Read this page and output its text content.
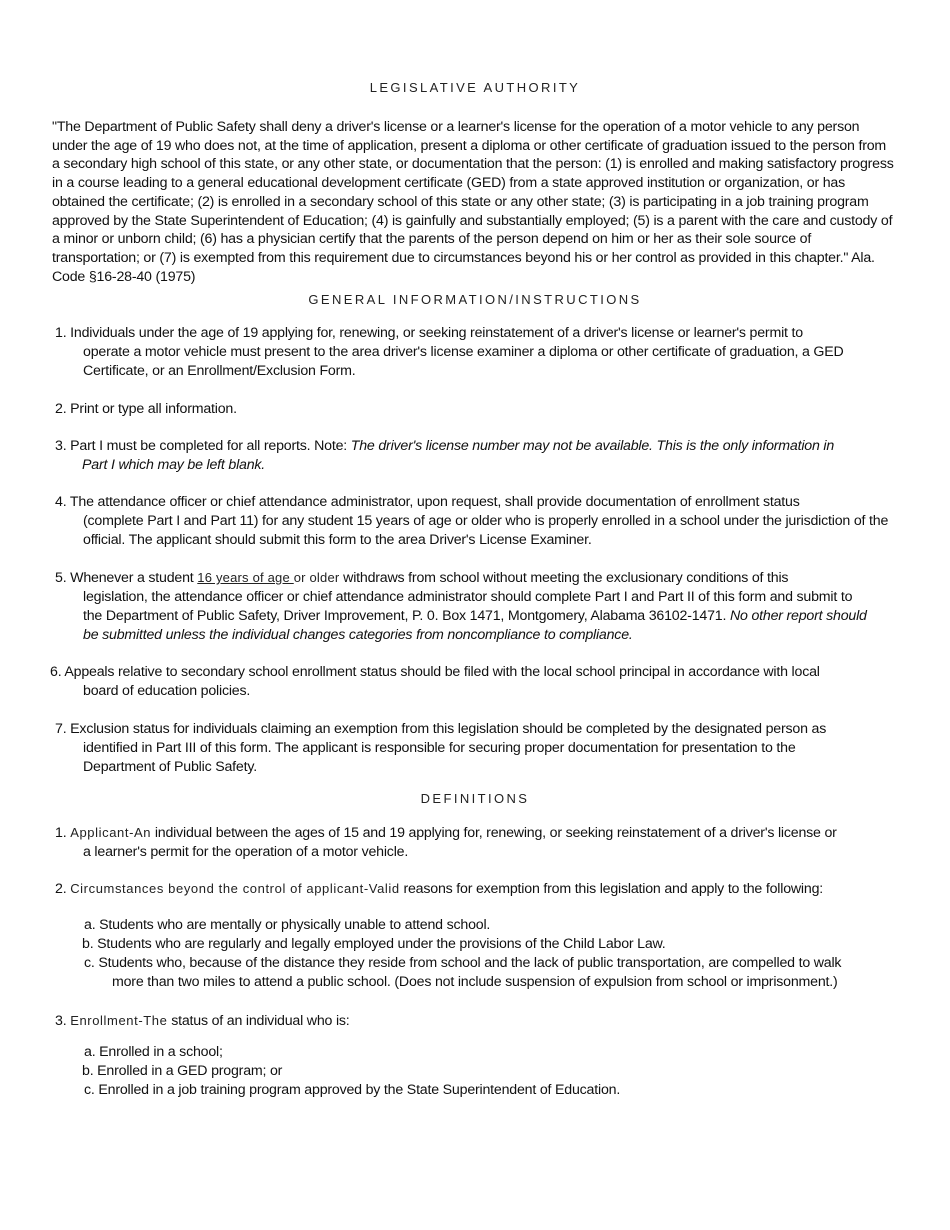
LEGISLATIVE AUTHORITY
"The Department of Public Safety shall deny a driver's license or a learner's license for the operation of a motor vehicle to any person under the age of 19 who does not, at the time of application, present a diploma or other certificate of graduation issued to the person from a secondary high school of this state, or any other state, or documentation that the person: (1) is enrolled and making satisfactory progress in a course leading to a general educational development certificate (GED) from a state approved institution or organization, or has obtained the certificate; (2) is enrolled in a secondary school of this state or any other state; (3) is participating in a job training program approved by the State Superintendent of Education; (4) is gainfully and substantially employed; (5) is a parent with the care and custody of a minor or unborn child; (6) has a physician certify that the parents of the person depend on him or her as their sole source of transportation; or (7) is exempted from this requirement due to circumstances beyond his or her control as provided in this chapter." Ala. Code §16-28-40 (1975)
GENERAL INFORMATION/INSTRUCTIONS
1. Individuals under the age of 19 applying for, renewing, or seeking reinstatement of a driver's license or learner's permit to
operate a motor vehicle must present to the area driver's license examiner a diploma or other certificate of graduation, a GED Certificate, or an Enrollment/Exclusion Form.
2. Print or type all information.
3. Part I must be completed for all reports. Note: The driver's license number may not be available. This is the only information in
Part I which may be left blank.
4. The attendance officer or chief attendance administrator, upon request, shall provide documentation of enrollment status
(complete Part I and Part 11) for any student 15 years of age or older who is properly enrolled in a school under the jurisdiction of the official. The applicant should submit this form to the area Driver's License Examiner.
5. Whenever a student 16 years of age or older withdraws from school without meeting the exclusionary conditions of this
legislation, the attendance officer or chief attendance administrator should complete Part I and Part II of this form and submit to the Department of Public Safety, Driver Improvement, P. 0. Box 1471, Montgomery, Alabama 36102-1471. No other report should be submitted unless the individual changes categories from noncompliance to compliance.
6. Appeals relative to secondary school enrollment status should be filed with the local school principal in accordance with local
board of education policies.
7. Exclusion status for individuals claiming an exemption from this legislation should be completed by the designated person as
identified in Part III of this form. The applicant is responsible for securing proper documentation for presentation to the Department of Public Safety.
DEFINITIONS
1. Applicant-An individual between the ages of 15 and 19 applying for, renewing, or seeking reinstatement of a driver's license or
a learner's permit for the operation of a motor vehicle.
2. Circumstances beyond the control of applicant-Valid reasons for exemption from this legislation and apply to the following:
a. Students who are mentally or physically unable to attend school.
b. Students who are regularly and legally employed under the provisions of the Child Labor Law.
c. Students who, because of the distance they reside from school and the lack of public transportation, are compelled to walk
more than two miles to attend a public school. (Does not include suspension of expulsion from school or imprisonment.)
3. Enrollment-The status of an individual who is:
a. Enrolled in a school;
b. Enrolled in a GED program; or
c. Enrolled in a job training program approved by the State Superintendent of Education.
